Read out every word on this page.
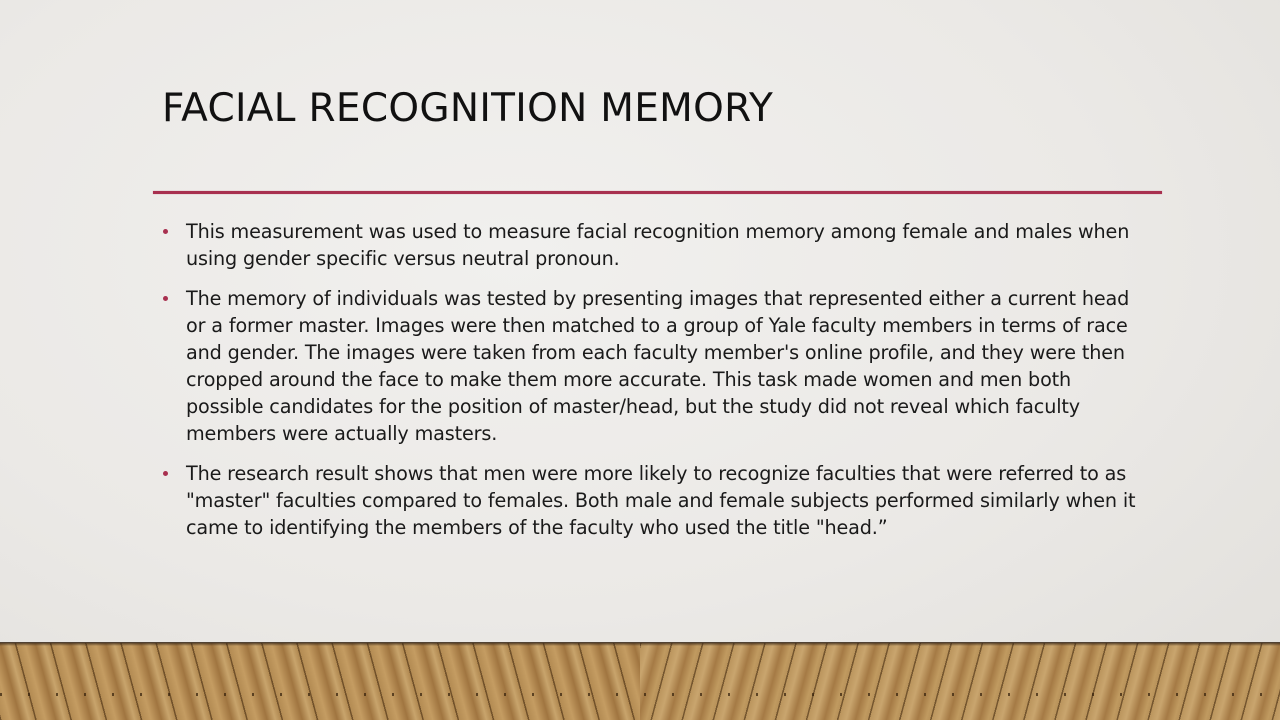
FACIAL RECOGNITION MEMORY
This measurement was used to measure facial recognition memory among female and males when using gender specific versus neutral pronoun.
The memory of individuals was tested by presenting images that represented either a current head or a former master. Images were then matched to a group of Yale faculty members in terms of race and gender. The images were taken from each faculty member's online profile, and they were then cropped around the face to make them more accurate. This task made women and men both possible candidates for the position of master/head, but the study did not reveal which faculty members were actually masters.
The research result shows that men were more likely to recognize faculties that were referred to as "master" faculties compared to females. Both male and female subjects performed similarly when it came to identifying the members of the faculty who used the title "head.”
